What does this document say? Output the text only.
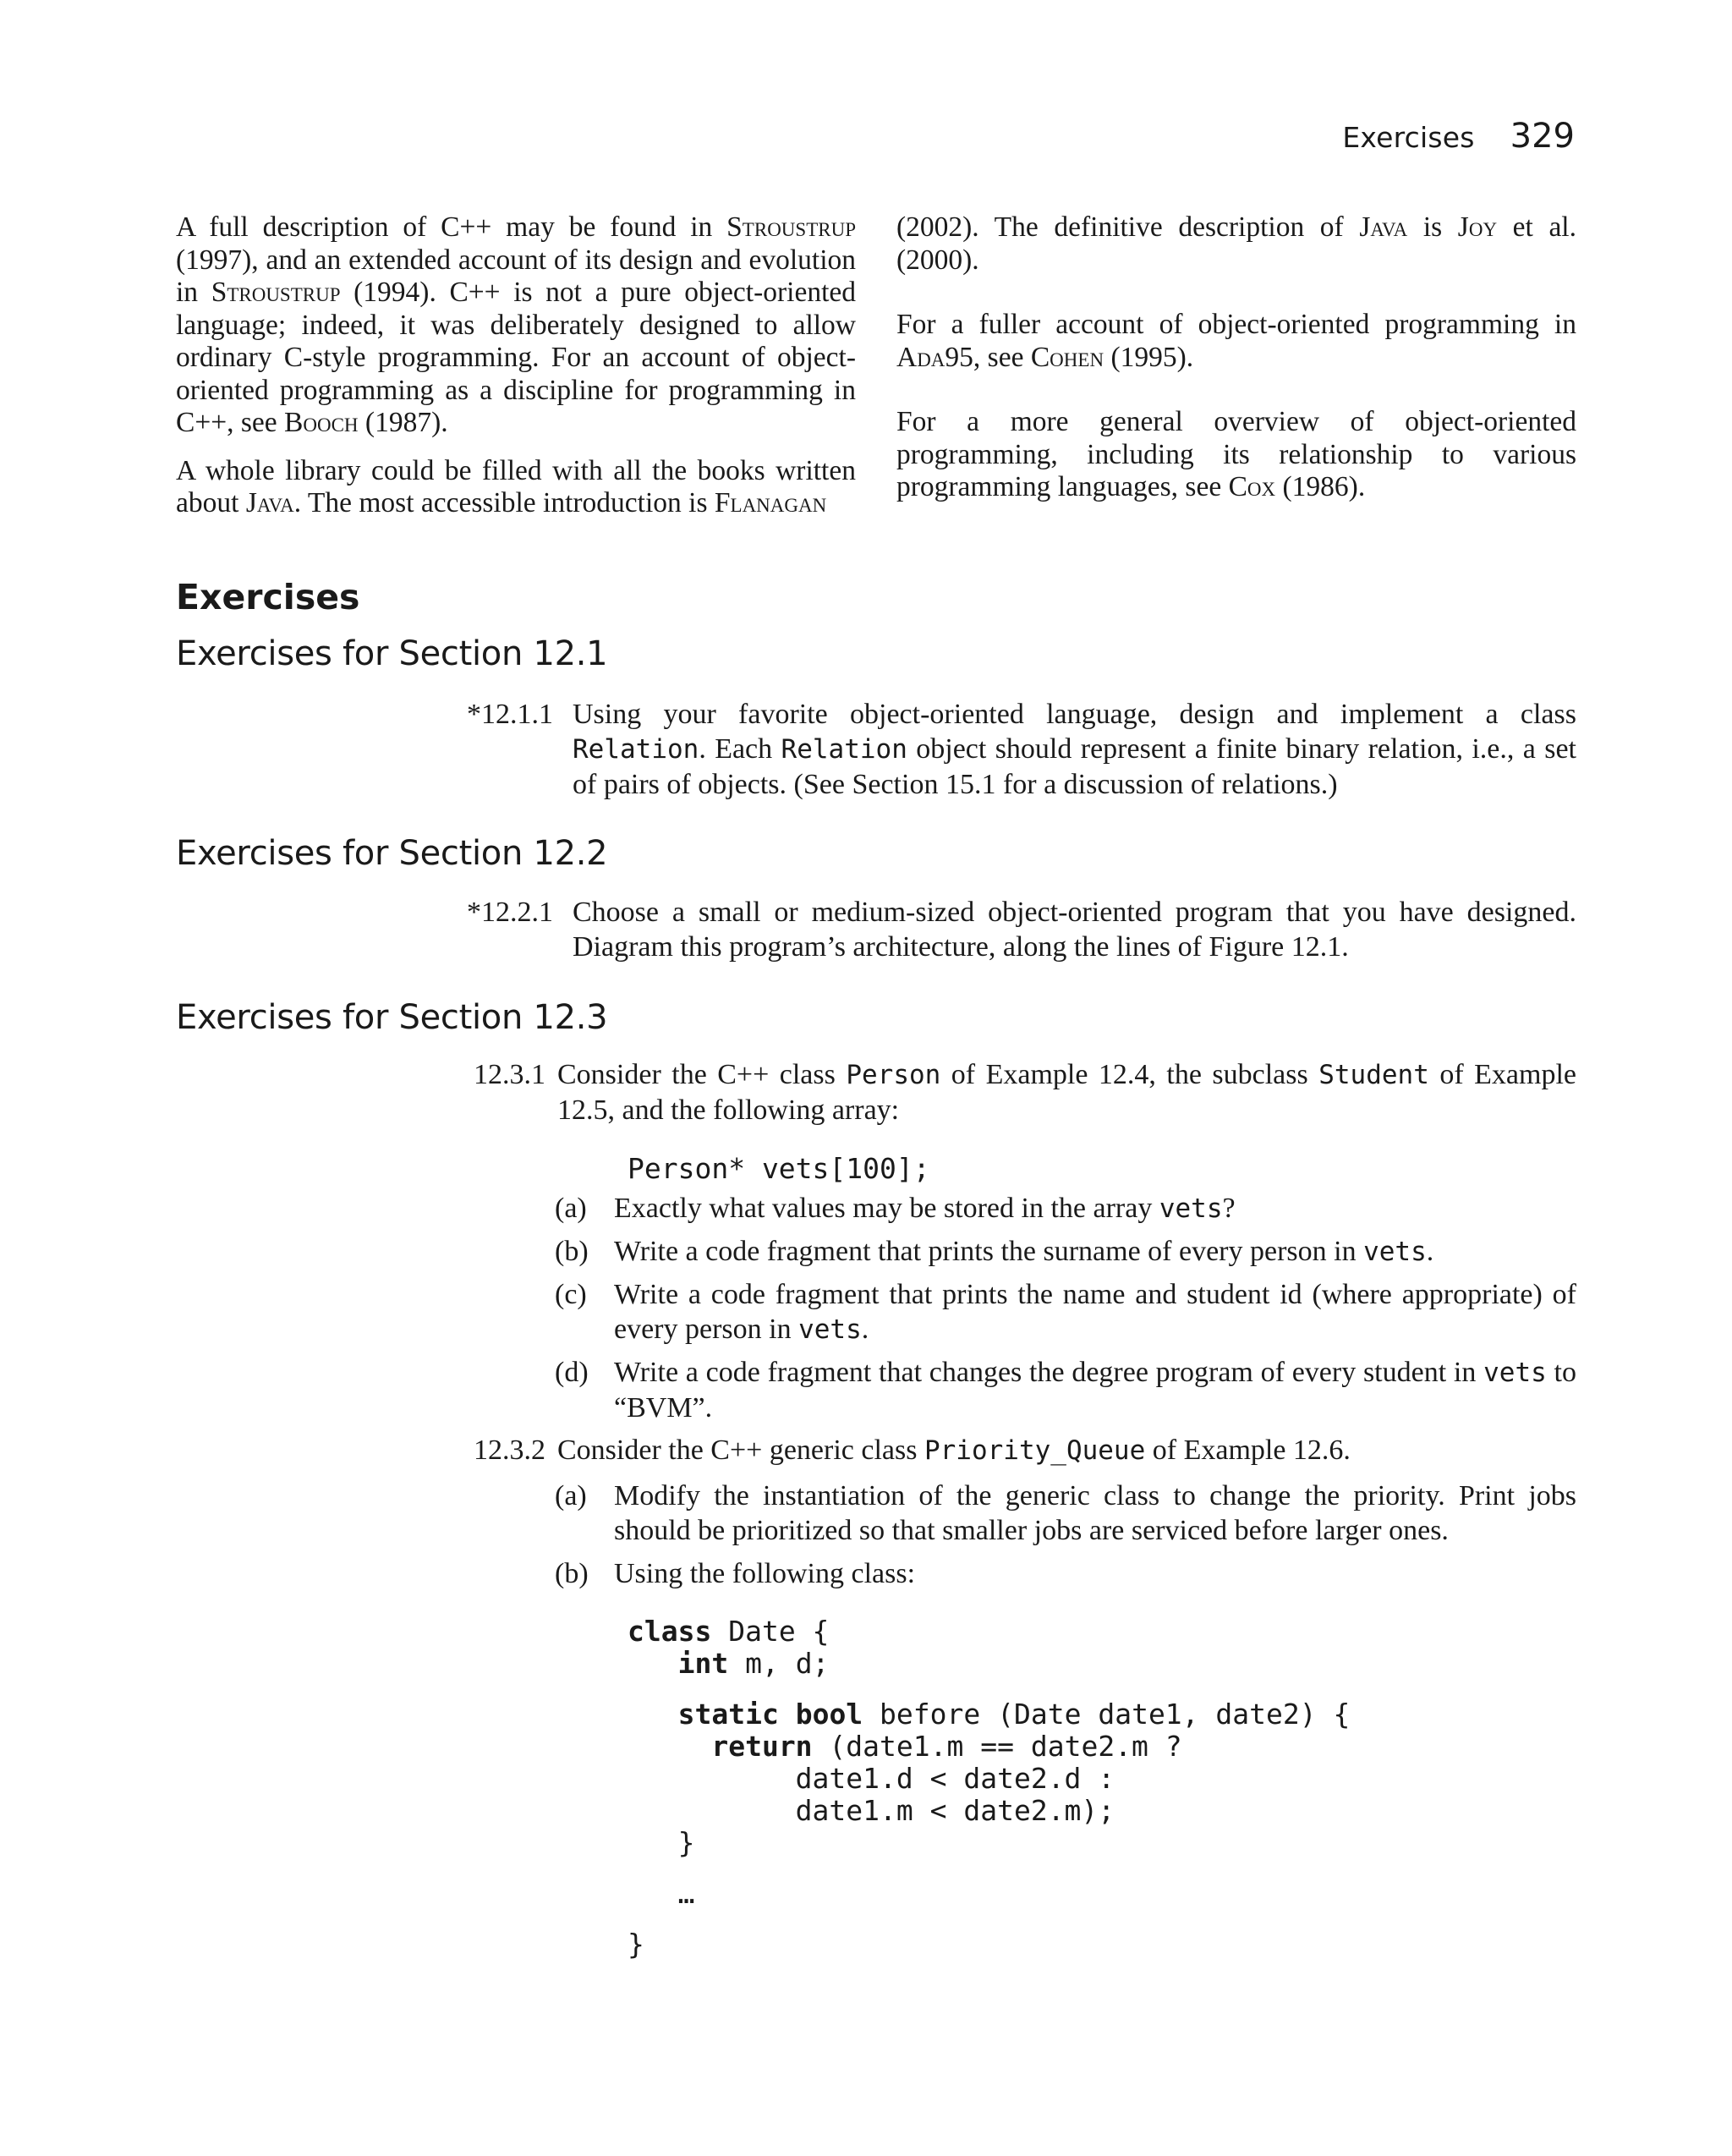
Exercises 329

A full description of C++ may be found in Stroustrup (1997), and an extended account of its design and evolution in Stroustrup (1994). C++ is not a pure object-oriented language; indeed, it was deliberately designed to allow ordinary C-style programming. For an account of object-oriented programming as a discipline for programming in C++, see Booch (1987).

A whole library could be filled with all the books written about Java. The most accessible introduction is Flanagan

(2002). The definitive description of Java is Joy et al. (2000).

For a fuller account of object-oriented programming in Ada95, see Cohen (1995).

For a more general overview of object-oriented programming, including its relationship to various programming languages, see Cox (1986).

Exercises
Exercises for Section 12.1
*12.1.1 Using your favorite object-oriented language, design and implement a class Relation. Each Relation object should represent a finite binary relation, i.e., a set of pairs of objects. (See Section 15.1 for a discussion of relations.)
Exercises for Section 12.2
*12.2.1 Choose a small or medium-sized object-oriented program that you have designed. Diagram this program’s architecture, along the lines of Figure 12.1.
Exercises for Section 12.3
12.3.1 Consider the C++ class Person of Example 12.4, the subclass Student of Example 12.5, and the following array:
Person* vets[100];
(a) Exactly what values may be stored in the array vets?
(b) Write a code fragment that prints the surname of every person in vets.
(c) Write a code fragment that prints the name and student id (where appropriate) of every person in vets.
(d) Write a code fragment that changes the degree program of every student in vets to “BVM”.
12.3.2 Consider the C++ generic class Priority_Queue of Example 12.6.
(a) Modify the instantiation of the generic class to change the priority. Print jobs should be prioritized so that smaller jobs are serviced before larger ones.
(b) Using the following class:
class Date {
int m, d;
static bool before (Date date1, date2) {
return (date1.m == date2.m ?
date1.d < date2.d :
date1.m < date2.m);
}
…
}
